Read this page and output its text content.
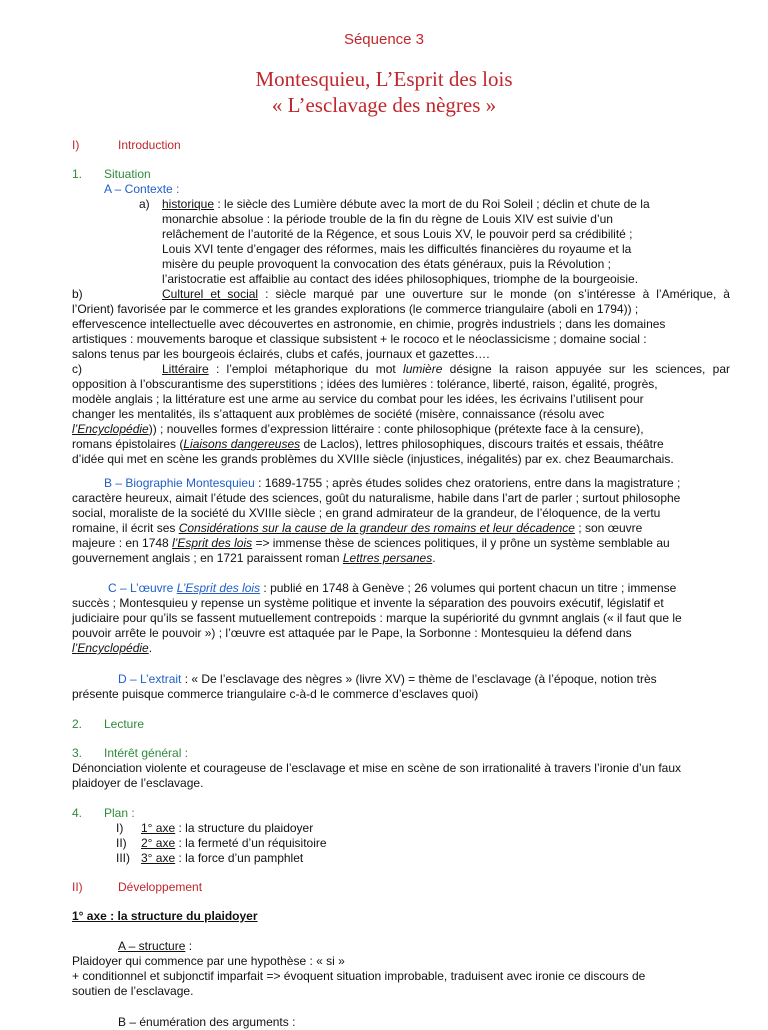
Séquence 3
Montesquieu, L’Esprit des lois
« L’esclavage des nègres »

I)	Introduction

1. Situation

A – Contexte :

a)	historique : le siècle des Lumière débute avec la mort de du Roi Soleil ; déclin et chute de la

monarchie absolue : la période trouble de la fin du règne de Louis XIV est suivie d’un

relâchement de l’autorité de la Régence, et sous Louis XV, le pouvoir perd sa crédibilité ;

Louis XVI tente d’engager des réformes, mais les difficultés financières du royaume et la

misère du peuple provoquent la convocation des états généraux, puis la Révolution ;

l’aristocratie est affaiblie au contact des idées philosophiques, triomphe de la bourgeoisie.

b)	Culturel et social : siècle marqué par une ouverture sur le monde (on s’intéresse à l’Amérique, à

l’Orient) favorisée par le commerce et les grandes explorations (le commerce triangulaire (aboli en 1794)) ;

effervescence intellectuelle avec découvertes en astronomie, en chimie, progrès industriels ; dans les domaines

artistiques : mouvements baroque et classique subsistent + le rococo et le néoclassicisme ; domaine social :

salons tenus par les bourgeois éclairés, clubs et cafés, journaux et gazettes….

c)	Littéraire : l’emploi métaphorique du mot lumière désigne la raison appuyée sur les sciences, par

opposition à l’obscurantisme des superstitions ; idées des lumières : tolérance, liberté, raison, égalité, progrès,

modèle anglais ; la littérature est une arme au service du combat pour les idées, les écrivains l’utilisent pour

changer les mentalités, ils s’attaquent aux problèmes de société (misère, connaissance (résolu avec

l’Encyclopédie)) ; nouvelles formes d’expression littéraire : conte philosophique (prétexte face à la censure),

romans épistolaires (Liaisons dangereuses de Laclos), lettres philosophiques, discours traités et essais, théâtre

d’idée qui met en scène les grands problèmes du XVIIIe siècle (injustices, inégalités) par ex. chez Beaumarchais.

B – Biographie Montesquieu : 1689-1755 ; après études solides chez oratoriens, entre dans la magistrature ;

caractère heureux, aimait l’étude des sciences, goût du naturalisme, habile dans l’art de parler ; surtout philosophe

social, moraliste de la société du XVIIIe siècle ; en grand admirateur de la grandeur, de l’éloquence, de la vertu

romaine, il écrit ses Considérations sur la cause de la grandeur des romains et leur décadence ; son œuvre

majeure : en 1748 l’Esprit des lois => immense thèse de sciences politiques, il y prône un système semblable au

gouvernement anglais ; en 1721 paraissent roman Lettres persanes.

C – L’œuvre L’Esprit des lois : publié en 1748 à Genève ; 26 volumes qui portent chacun un titre ; immense

succès ; Montesquieu y repense un système politique et invente la séparation des pouvoirs exécutif, législatif et

judiciaire pour qu’ils se fassent mutuellement contrepoids : marque la supériorité du gvnmnt anglais (« il faut que le

pouvoir arrête le pouvoir ») ; l’œuvre est attaquée par le Pape, la Sorbonne : Montesquieu la défend dans

l’Encyclopédie.

D – L’extrait : « De l’esclavage des nègres » (livre XV) = thème de l’esclavage (à l’époque, notion très

présente puisque commerce triangulaire c-à-d le commerce d’esclaves quoi)

2. Lecture

3. Intérêt général :

Dénonciation violente et courageuse de l’esclavage et mise en scène de son irrationalité à travers l’ironie d’un faux

plaidoyer de l’esclavage.

4. Plan :

I) 1° axe : la structure du plaidoyer

II) 2° axe : la fermeté d’un réquisitoire

III) 3° axe : la force d’un pamphlet

II)	Développement

1° axe : la structure du plaidoyer

A – structure :

Plaidoyer qui commence par une hypothèse : « si »

+ conditionnel et subjonctif imparfait => évoquent situation improbable, traduisent avec ironie ce discours de

soutien de l’esclavage.

B – énumération des arguments :
